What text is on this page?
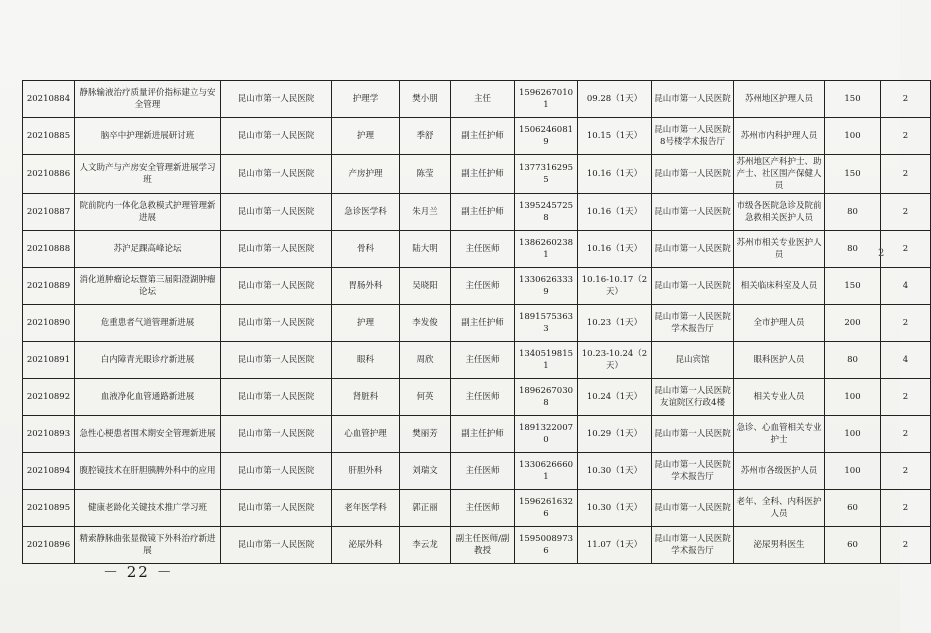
20210884	静脉输液治疗质量评价指标建立与安全管理	昆山市第一人民医院	护理学	樊小朋	主任	15962670101	09.28（1天）	昆山市第一人民医院	苏州地区护理人员	150	2
20210885	脑卒中护理新进展研讨班	昆山市第一人民医院	护理	季舒	副主任护师	15062460819	10.15（1天）	昆山市第一人民医院8号楼学术报告厅	苏州市内科护理人员	100	2
20210886	人文助产与产房安全管理新进展学习班	昆山市第一人民医院	产房护理	陈莹	副主任护师	13773162955	10.16（1天）	昆山市第一人民医院	苏州地区产科护士、助产士、社区围产保健人员	150	2
20210887	院前院内一体化急救模式护理管理新进展	昆山市第一人民医院	急诊医学科	朱月兰	副主任护师	13952457258	10.16（1天）	昆山市第一人民医院	市级各医院急诊及院前急救相关医护人员	80	2
20210888	苏沪足踝高峰论坛	昆山市第一人民医院	骨科	陆大明	主任医师	13862602381	10.16（1天）	昆山市第一人民医院	苏州市相关专业医护人员	80	2
20210889	消化道肿瘤论坛暨第三届阳澄湖肿瘤论坛	昆山市第一人民医院	胃肠外科	吴晓阳	主任医师	13306263339	10.16-10.17（2天）	昆山市第一人民医院	相关临床科室及人员	150	4
20210890	危重患者气道管理新进展	昆山市第一人民医院	护理	李发俊	副主任护师	18915753633	10.23（1天）	昆山市第一人民医院学术报告厅	全市护理人员	200	2
20210891	白内障青光眼诊疗新进展	昆山市第一人民医院	眼科	周欣	主任医师	13405198151	10.23-10.24（2天）	昆山宾馆	眼科医护人员	80	4
20210892	血液净化血管通路新进展	昆山市第一人民医院	肾脏科	何英	主任医师	18962670308	10.24（1天）	昆山市第一人民医院友谊院区行政4楼	相关专业人员	100	2
20210893	急性心梗患者围术期安全管理新进展	昆山市第一人民医院	心血管护理	樊丽芳	副主任护师	18913220070	10.29（1天）	昆山市第一人民医院	急诊、心血管相关专业护士	100	2
20210894	腹腔镜技术在肝胆胰脾外科中的应用	昆山市第一人民医院	肝胆外科	刘瑞文	主任医师	13306266601	10.30（1天）	昆山市第一人民医院学术报告厅	苏州市各级医护人员	100	2
20210895	健康老龄化关键技术推广学习班	昆山市第一人民医院	老年医学科	郭正丽	主任医师	15962616326	10.30（1天）	昆山市第一人民医院	老年、全科、内科医护人员	60	2
20210896	精索静脉曲张显微镜下外科治疗新进展	昆山市第一人民医院	泌尿外科	李云龙	副主任医师/副教授	15950089736	11.07（1天）	昆山市第一人民医院学术报告厅	泌尿男科医生	60	2
2
－ 22 －
